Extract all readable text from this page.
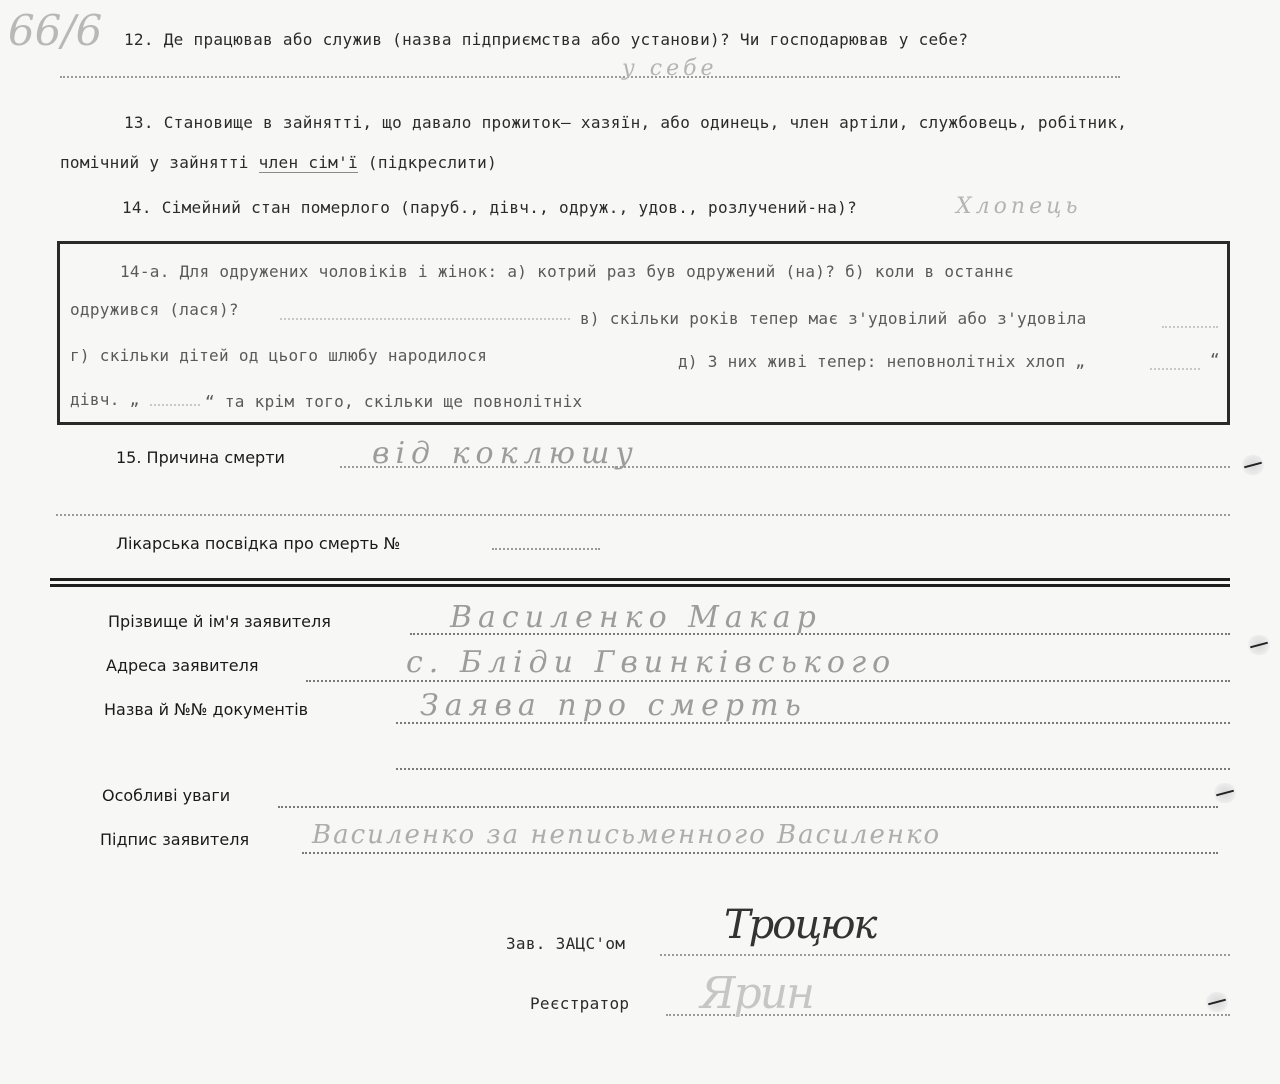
66/6 12. Де працював або служив (назва підприємства або установи)? Чи господарював у себе?
у себе
13. Становище в зайнятті, що давало прожиток— хазяїн, або одинець, член артіли, службовець, робітник,
помічний у зайнятті член сім'ї (підкреслити)
14. Сімейний стан померлого (паруб., дівч., одруж., удов., розлучений-на)?	Хлопець
14-а. Для одружених чоловіків і жінок: а) котрий раз був одружений (на)? б) коли в останнє
одружився (лася)?	в) скільки років тепер має з'удовілий або з'удовіла
г) скільки дітей од цього шлюбу народилося	д) З них живі тепер: неповнолітніх хлоп „	“
дівч. „	“ та крім того, скільки ще повнолітніх
15. Причина смерти	від коклюшу
Лікарська посвідка про смерть №
Прізвище й ім'я заявителя	Василенко Макар
Адреса заявителя	с. Бліди Гвинківського
Назва й №№ документів	Заява про смерть
Особливі уваги
Підпис заявителя Василенко за неписьменного Василенко
Зав. ЗАЦС'ом Троцюк
Реєстратор Ярин
